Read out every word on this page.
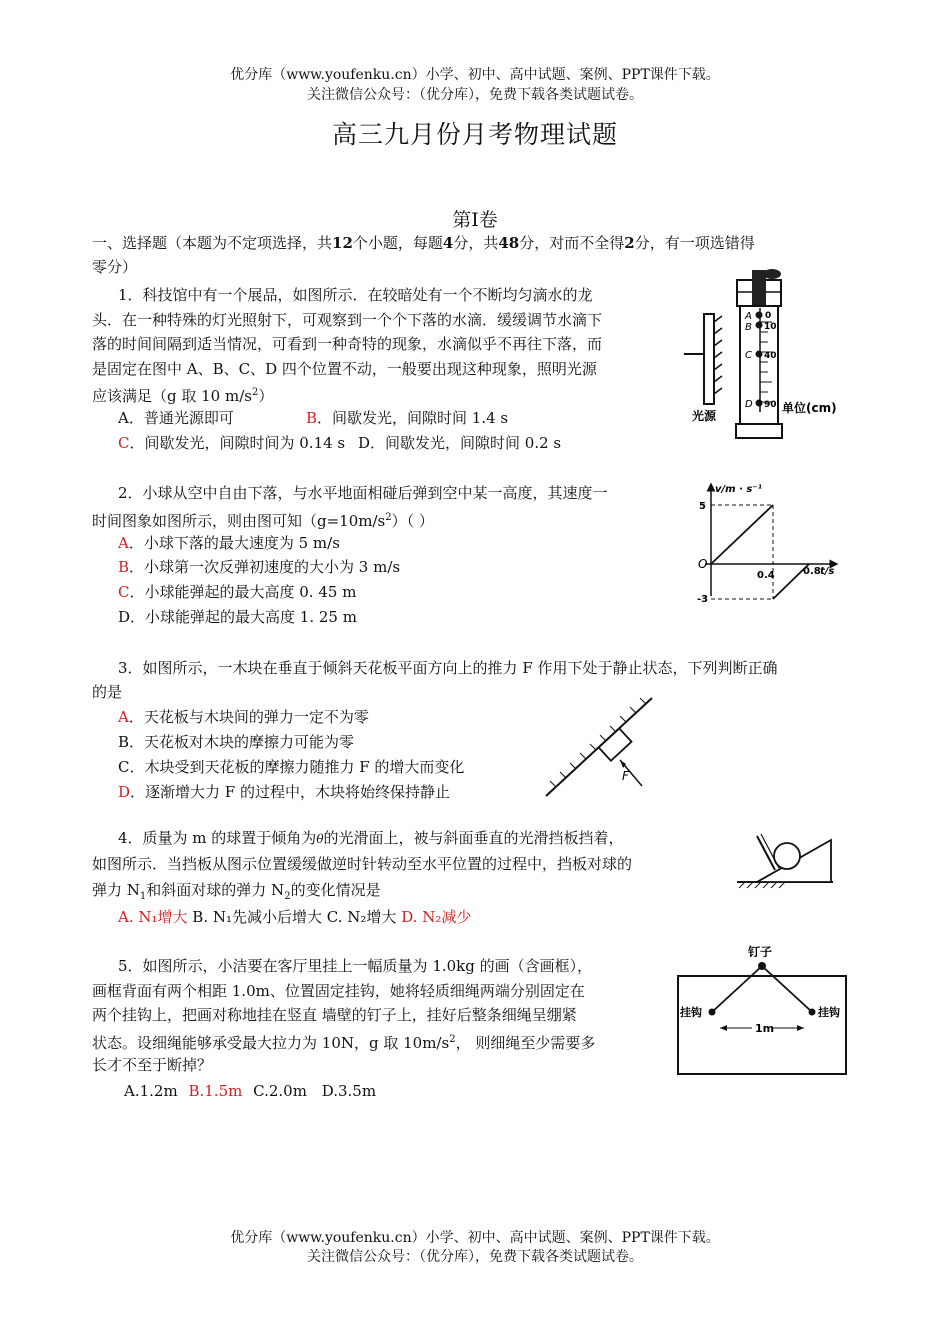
优分库（www.youfenku.cn）小学、初中、高中试题、案例、PPT课件下载。
关注微信公众号：（优分库），免费下载各类试题试卷。
高三九月份月考物理试题
第Ⅰ卷
一、选择题（本题为不定项选择，共12个小题，每题4分，共48分，对而不全得2分，有一项选错得
零分）
1．科技馆中有一个展品，如图所示．在较暗处有一个不断均匀滴水的龙
头．在一种特殊的灯光照射下，可观察到一个个下落的水滴．缓缓调节水滴下
落的时间间隔到适当情况，可看到一种奇特的现象，水滴似乎不再往下落，而
是固定在图中 A、B、C、D 四个位置不动，一般要出现这种现象，照明光源
应该满足（g 取 10 $m/s^2$）
A．普通光源即可	B．间歇发光，间隙时间 1.4 s
C．间歇发光，间隙时间为 0.14 s D．间歇发光，间隙时间 0.2 s
A
B
C
D
0
10
40
90
光源
单位(cm)
2．小球从空中自由下落，与水平地面相碰后弹到空中某一高度，其速度一
时间图象如图所示，则由图可知$(g=10m/s^2)$（ ）
A．小球下落的最大速度为 5 m/s
B．小球第一次反弹初速度的大小为 3 m/s
C．小球能弹起的最大高度 0. 45 m
D．小球能弹起的最大高度 1. 25 m
v/m · s⁻¹
5
-3
O
0.4	0.8 t/s
3．如图所示，一木块在垂直于倾斜天花板平面方向上的推力 F 作用下处于静止状态，下列判断正确
的是
A．天花板与木块间的弹力一定不为零
B．天花板对木块的摩擦力可能为零
C．木块受到天花板的摩擦力随推力 F 的增大而变化
D．逐渐增大力 F 的过程中，木块将始终保持静止
F
4．质量为 m 的球置于倾角为θ的光滑面上，被与斜面垂直的光滑挡板挡着，
如图所示．当挡板从图示位置缓缓做逆时针转动至水平位置的过程中，挡板对球的
弹力 $N_1$和斜面对球的弹力 $N_2$的变化情况是
A. N₁增大 B. N₁先减小后增大 C. N₂增大 D. N₂减少
5．如图所示，小洁要在客厅里挂上一幅质量为 1.0kg 的画（含画框），
画框背面有两个相距 1.0m、位置固定挂钩，她将轻质细绳两端分别固定在
两个挂钩上，把画对称地挂在竖直 墙壁的钉子上，挂好后整条细绳呈绷紧
状态。设细绳能够承受最大拉力为 10N，g 取 $10m/s^2$， 则细绳至少需要多
长才不至于断掉？
A.1.2m B.1.5m C.2.0m D.3.5m
1m
钉子
挂钩	挂钩
优分库（www.youfenku.cn）小学、初中、高中试题、案例、PPT课件下载。
关注微信公众号：（优分库），免费下载各类试题试卷。
